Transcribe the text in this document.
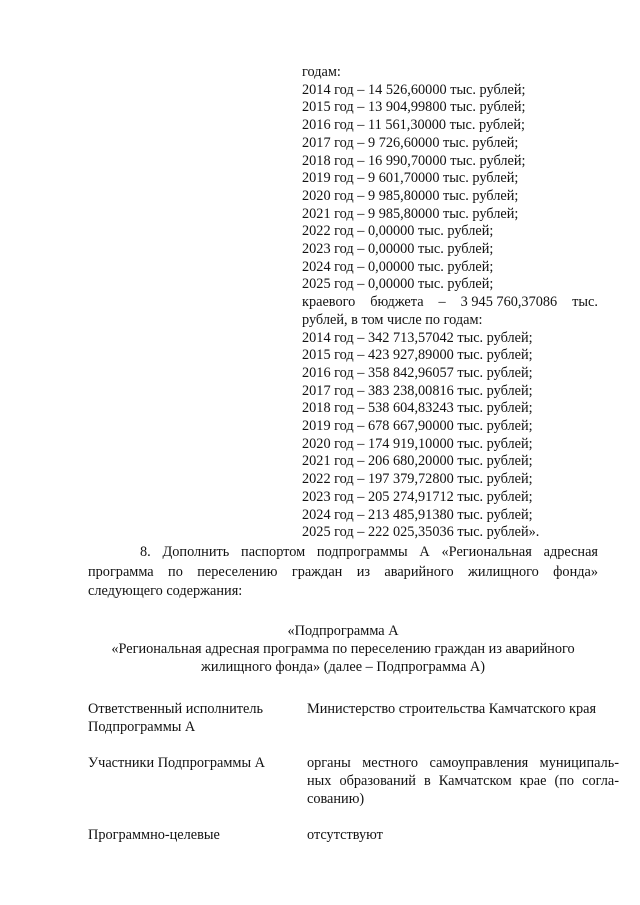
годам:
2014 год – 14 526,60000 тыс. рублей;
2015 год – 13 904,99800 тыс. рублей;
2016 год – 11 561,30000 тыс. рублей;
2017 год – 9 726,60000 тыс. рублей;
2018 год – 16 990,70000 тыс. рублей;
2019 год – 9 601,70000 тыс. рублей;
2020 год – 9 985,80000 тыс. рублей;
2021 год – 9 985,80000 тыс. рублей;
2022 год – 0,00000 тыс. рублей;
2023 год – 0,00000 тыс. рублей;
2024 год – 0,00000 тыс. рублей;
2025 год – 0,00000 тыс. рублей;
краевого бюджета – 3 945 760,37086 тыс.
рублей, в том числе по годам:
2014 год – 342 713,57042 тыс. рублей;
2015 год – 423 927,89000 тыс. рублей;
2016 год – 358 842,96057 тыс. рублей;
2017 год – 383 238,00816 тыс. рублей;
2018 год – 538 604,83243 тыс. рублей;
2019 год – 678 667,90000 тыс. рублей;
2020 год – 174 919,10000 тыс. рублей;
2021 год – 206 680,20000 тыс. рублей;
2022 год – 197 379,72800 тыс. рублей;
2023 год – 205 274,91712 тыс. рублей;
2024 год – 213 485,91380 тыс. рублей;
2025 год – 222 025,35036 тыс. рублей».
8. Дополнить паспортом подпрограммы А «Региональная адресная программа по переселению граждан из аварийного жилищного фонда» следующего содержания:
«Подпрограмма А
«Региональная адресная программа по переселению граждан из аварийного
жилищного фонда» (далее – Подпрограмма А)
Ответственный исполнитель Подпрограммы А
Министерство строительства Камчатского края
Участники Подпрограммы А	органы местного самоуправления муниципаль-ных образований в Камчатском крае (по согла-сованию)
Программно-целевые	отсутствуют
